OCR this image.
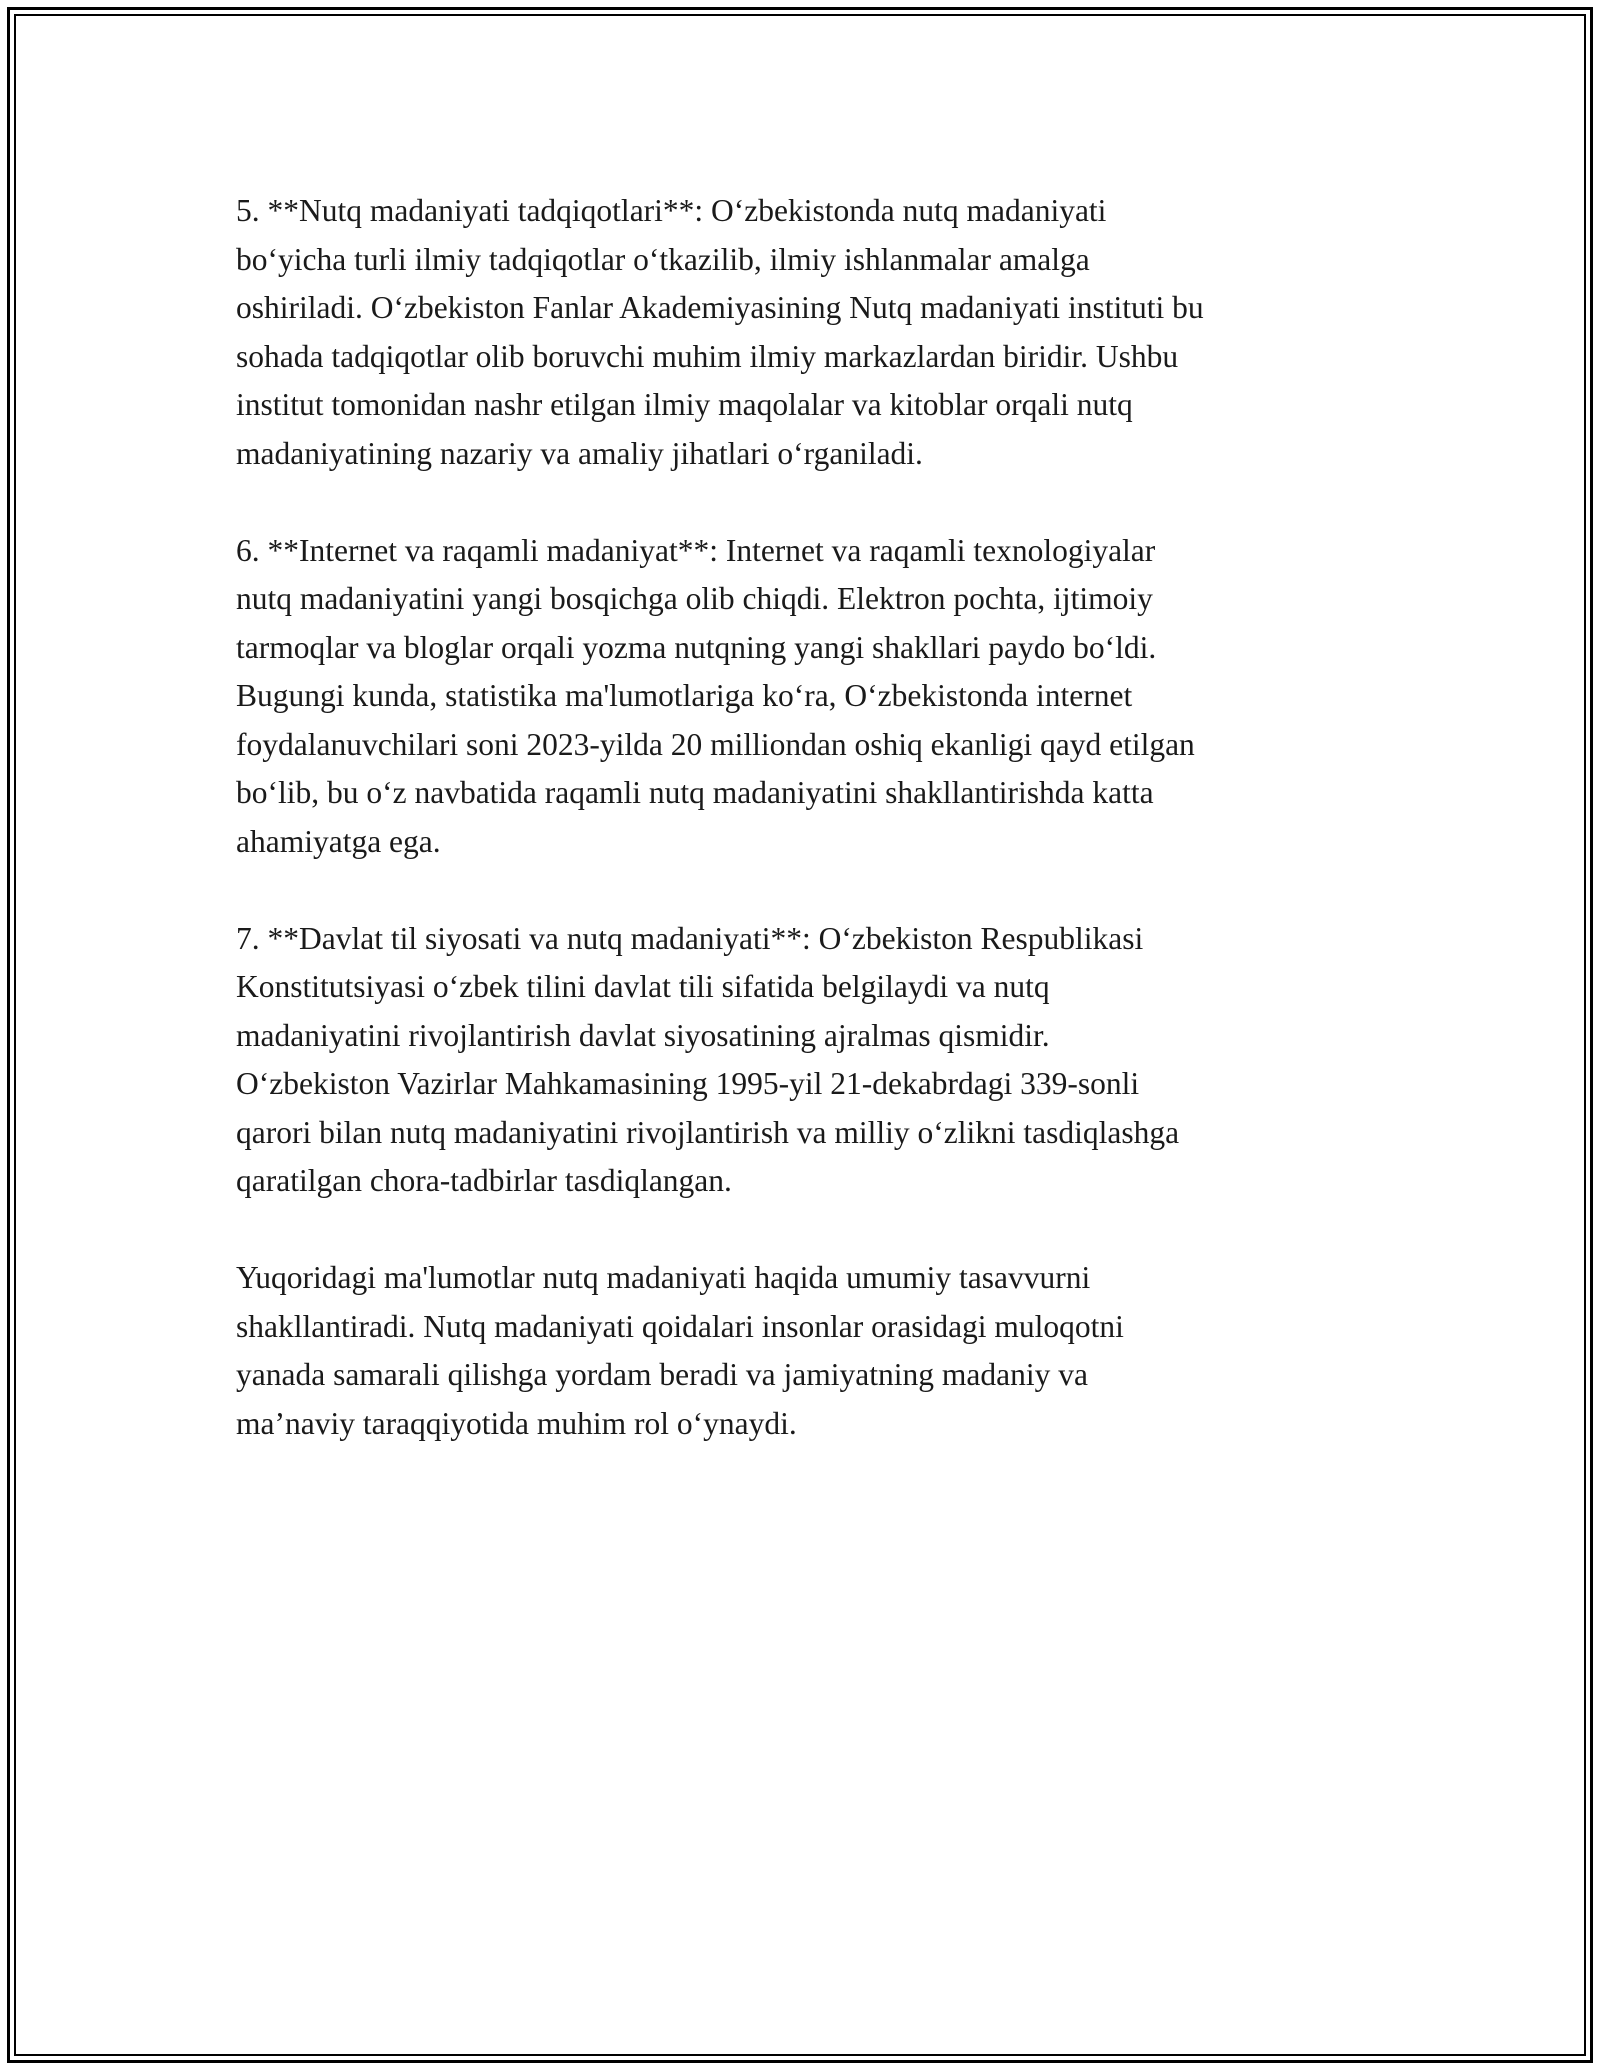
5. **Nutq madaniyati tadqiqotlari**: O‘zbekistonda nutq madaniyati
bo‘yicha turli ilmiy tadqiqotlar o‘tkazilib, ilmiy ishlanmalar amalga
oshiriladi. O‘zbekiston Fanlar Akademiyasining Nutq madaniyati instituti bu
sohada tadqiqotlar olib boruvchi muhim ilmiy markazlardan biridir. Ushbu
institut tomonidan nashr etilgan ilmiy maqolalar va kitoblar orqali nutq
madaniyatining nazariy va amaliy jihatlari o‘rganiladi.

6. **Internet va raqamli madaniyat**: Internet va raqamli texnologiyalar
nutq madaniyatini yangi bosqichga olib chiqdi. Elektron pochta, ijtimoiy
tarmoqlar va bloglar orqali yozma nutqning yangi shakllari paydo bo‘ldi.
Bugungi kunda, statistika ma'lumotlariga ko‘ra, O‘zbekistonda internet
foydalanuvchilari soni 2023-yilda 20 milliondan oshiq ekanligi qayd etilgan
bo‘lib, bu o‘z navbatida raqamli nutq madaniyatini shakllantirishda katta
ahamiyatga ega.

7. **Davlat til siyosati va nutq madaniyati**: O‘zbekiston Respublikasi
Konstitutsiyasi o‘zbek tilini davlat tili sifatida belgilaydi va nutq
madaniyatini rivojlantirish davlat siyosatining ajralmas qismidir.
O‘zbekiston Vazirlar Mahkamasining 1995-yil 21-dekabrdagi 339-sonli
qarori bilan nutq madaniyatini rivojlantirish va milliy o‘zlikni tasdiqlashga
qaratilgan chora-tadbirlar tasdiqlangan.

Yuqoridagi ma'lumotlar nutq madaniyati haqida umumiy tasavvurni
shakllantiradi. Nutq madaniyati qoidalari insonlar orasidagi muloqotni
yanada samarali qilishga yordam beradi va jamiyatning madaniy va
ma’naviy taraqqiyotida muhim rol o‘ynaydi.
